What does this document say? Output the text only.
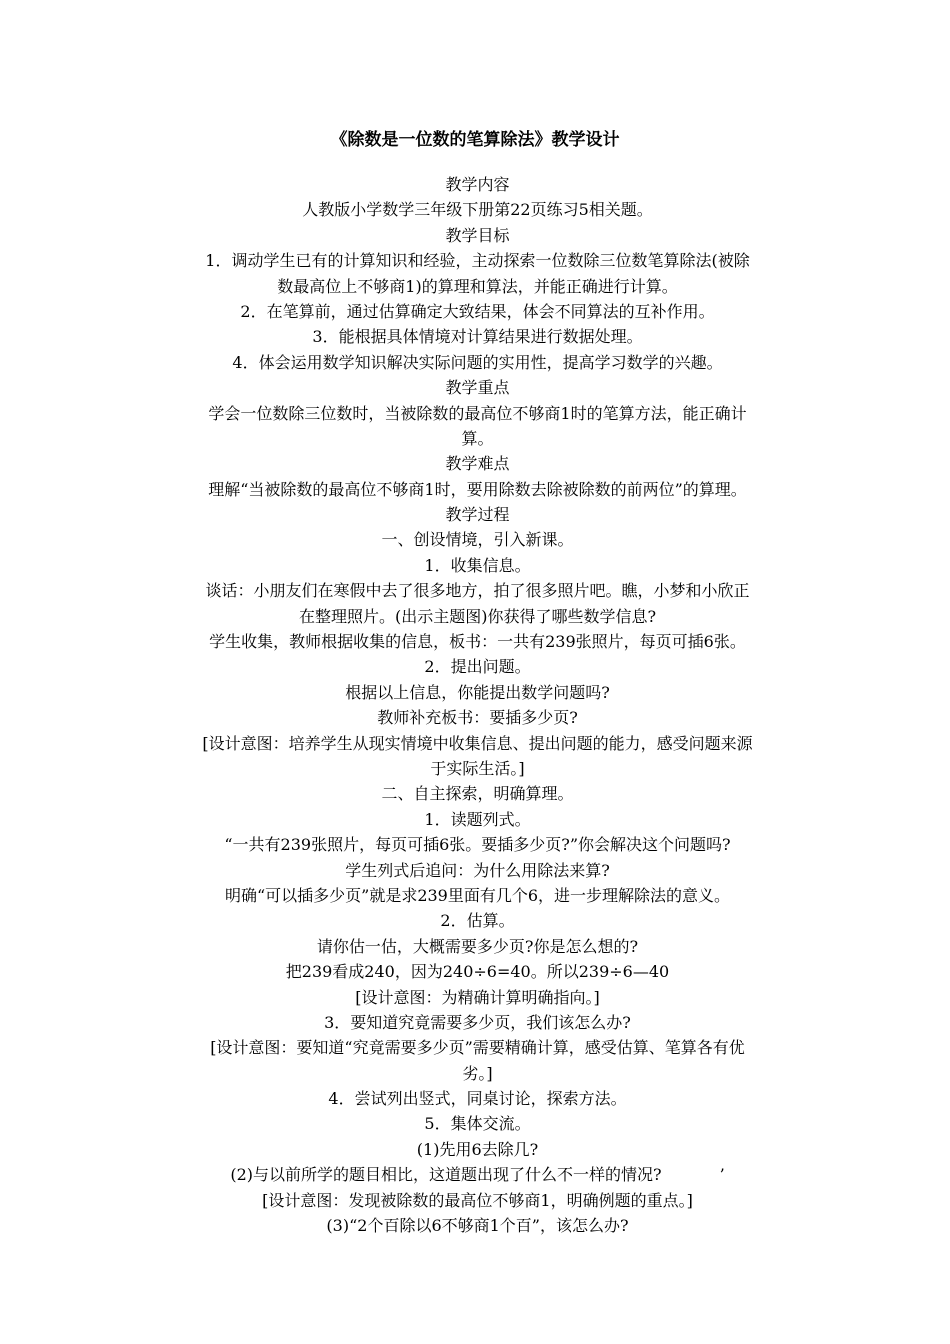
《除数是一位数的笔算除法》教学设计
教学内容
人教版小学数学三年级下册第22页练习5相关题。
教学目标
1．调动学生已有的计算知识和经验，主动探索一位数除三位数笔算除法(被除
数最高位上不够商1)的算理和算法，并能正确进行计算。
2．在笔算前，通过估算确定大致结果，体会不同算法的互补作用。
3．能根据具体情境对计算结果进行数据处理。
4．体会运用数学知识解决实际问题的实用性，提高学习数学的兴趣。
教学重点
学会一位数除三位数时，当被除数的最高位不够商1时的笔算方法，能正确计
算。
教学难点
理解“当被除数的最高位不够商1时，要用除数去除被除数的前两位”的算理。
教学过程
一、创设情境，引入新课。
1．收集信息。
谈话：小朋友们在寒假中去了很多地方，拍了很多照片吧。瞧，小梦和小欣正
在整理照片。(出示主题图)你获得了哪些数学信息?
学生收集，教师根据收集的信息，板书：一共有239张照片，每页可插6张。
2．提出问题。
根据以上信息，你能提出数学问题吗?
教师补充板书：要插多少页?
[设计意图：培养学生从现实情境中收集信息、提出问题的能力，感受问题来源
于实际生活。]
二、自主探索，明确算理。
1．读题列式。
“一共有239张照片，每页可插6张。要插多少页?”你会解决这个问题吗?
学生列式后追问：为什么用除法来算?
明确“可以插多少页”就是求239里面有几个6，进一步理解除法的意义。
2．估算。
请你估一估，大概需要多少页?你是怎么想的?
把239看成240，因为240÷6=40。所以239÷6—40
[设计意图：为精确计算明确指向。]
3．要知道究竟需要多少页，我们该怎么办?
[设计意图：要知道“究竟需要多少页”需要精确计算，感受估算、笔算各有优
劣。]
4．尝试列出竖式，同桌讨论，探索方法。
5．集体交流。
(1)先用6去除几?
(2)与以前所学的题目相比，这道题出现了什么不一样的情况?	’
[设计意图：发现被除数的最高位不够商1，明确例题的重点。]
(3)“2个百除以6不够商1个百”，该怎么办?
